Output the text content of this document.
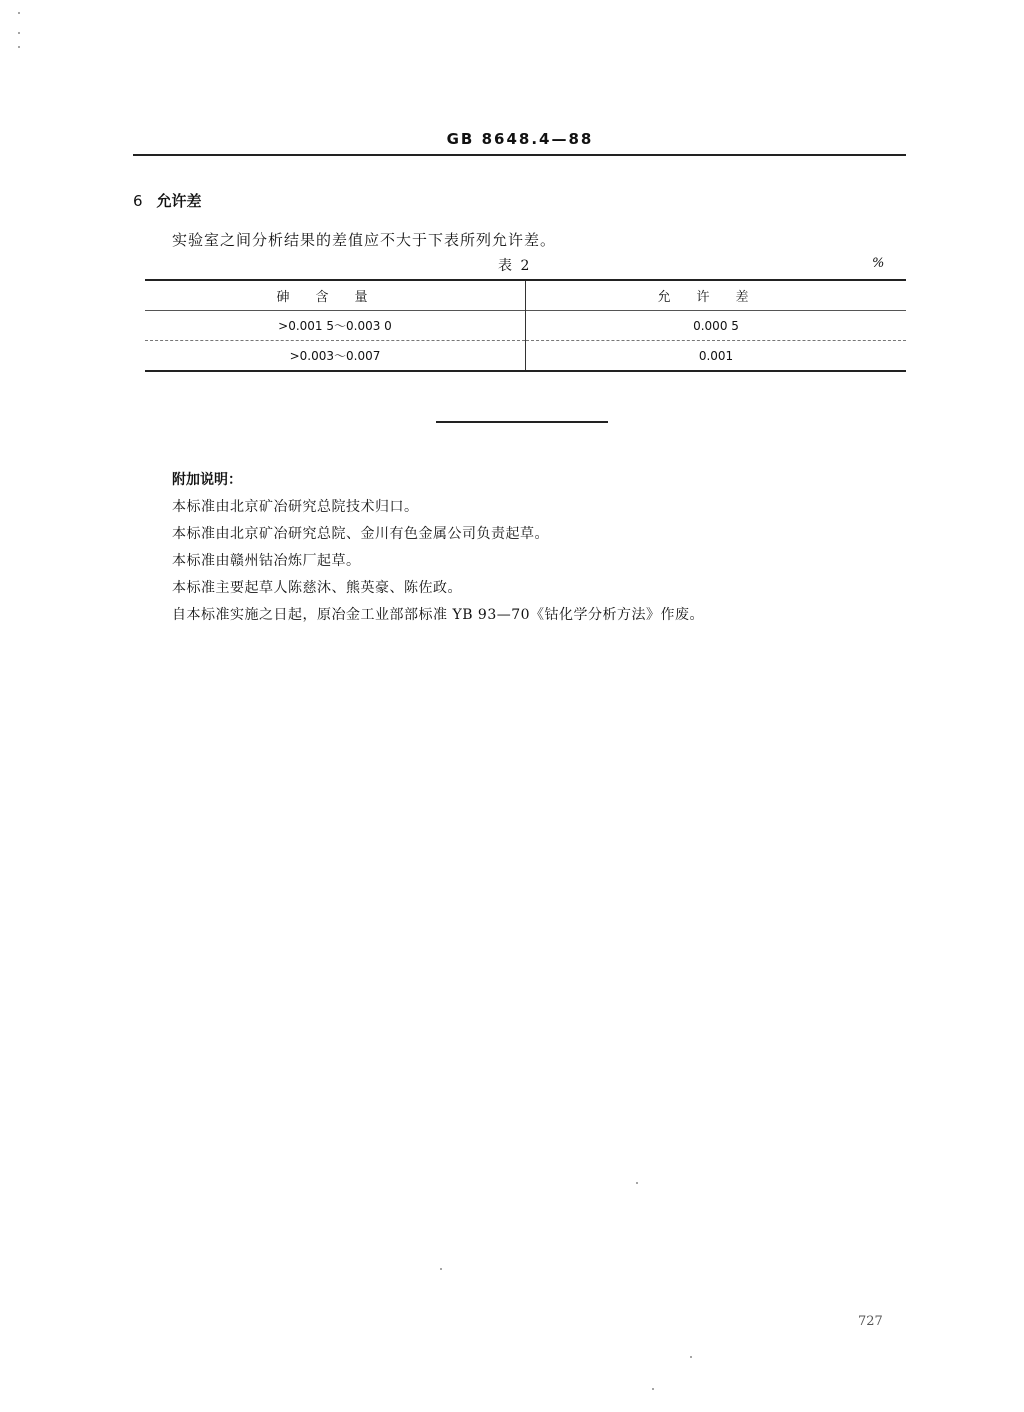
GB 8648.4—88
6 允许差
实验室之间分析结果的差值应不大于下表所列允许差。
表 2	%
砷含量	允许差
>0.001 5～0.003 0	0.000 5
>0.003～0.007	0.001
附加说明：
本标准由北京矿冶研究总院技术归口。
本标准由北京矿冶研究总院、金川有色金属公司负责起草。
本标准由赣州钴冶炼厂起草。
本标准主要起草人陈慈沐、熊英豪、陈佐政。
自本标准实施之日起，原冶金工业部部标准 YB 93—70《钴化学分析方法》作废。
727
